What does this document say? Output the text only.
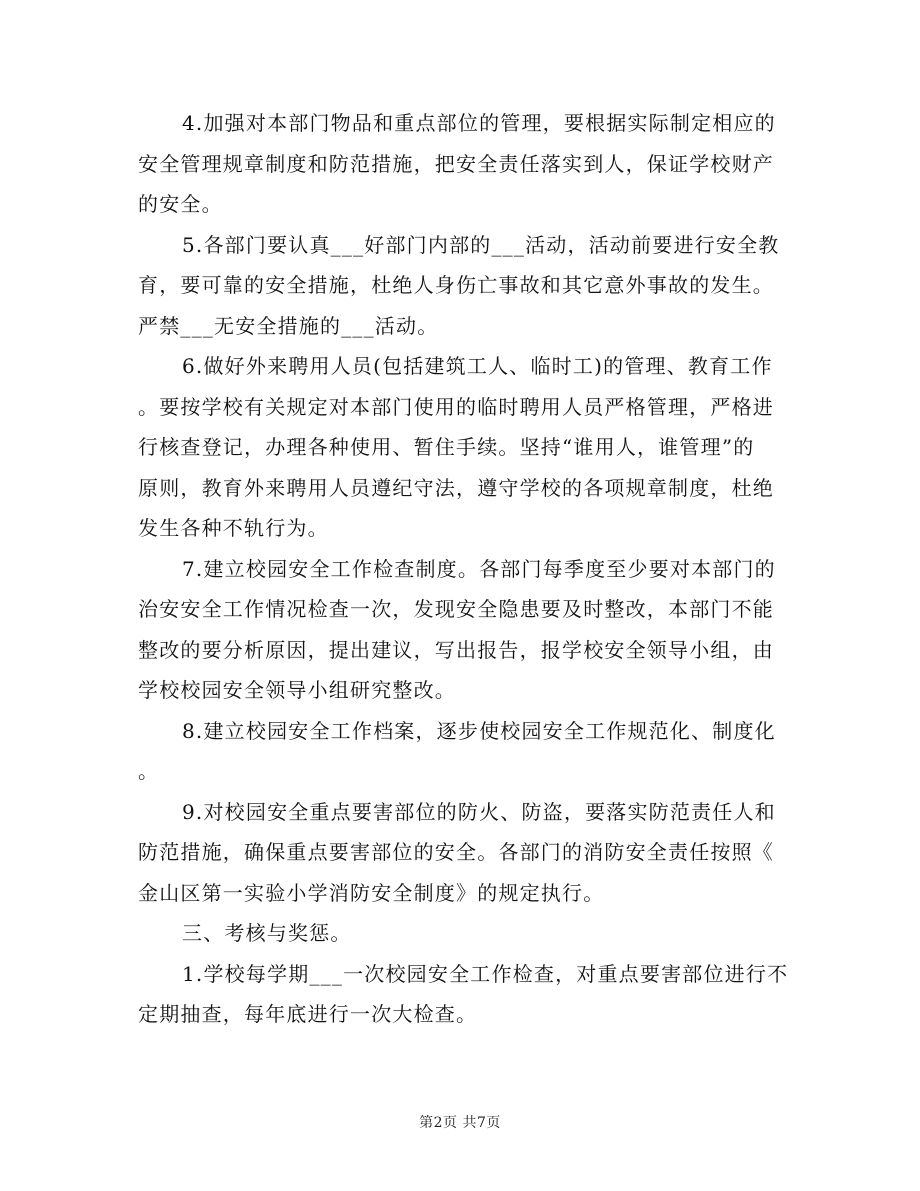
4.加强对本部门物品和重点部位的管理，要根据实际制定相应的
安全管理规章制度和防范措施，把安全责任落实到人，保证学校财产
的安全。

5.各部门要认真___好部门内部的___活动，活动前要进行安全教
育，要可靠的安全措施，杜绝人身伤亡事故和其它意外事故的发生。
严禁___无安全措施的___活动。

6.做好外来聘用人员(包括建筑工人、临时工)的管理、教育工作
。要按学校有关规定对本部门使用的临时聘用人员严格管理，严格进
行核查登记，办理各种使用、暂住手续。坚持“谁用人，谁管理”的
原则，教育外来聘用人员遵纪守法，遵守学校的各项规章制度，杜绝
发生各种不轨行为。

7.建立校园安全工作检查制度。各部门每季度至少要对本部门的
治安安全工作情况检查一次，发现安全隐患要及时整改，本部门不能
整改的要分析原因，提出建议，写出报告，报学校安全领导小组，由
学校校园安全领导小组研究整改。

8.建立校园安全工作档案，逐步使校园安全工作规范化、制度化
。

9.对校园安全重点要害部位的防火、防盗，要落实防范责任人和
防范措施，确保重点要害部位的安全。各部门的消防安全责任按照《
金山区第一实验小学消防安全制度》的规定执行。

三、考核与奖惩。

1.学校每学期___一次校园安全工作检查，对重点要害部位进行不
定期抽查，每年底进行一次大检查。

第2页 共7页
